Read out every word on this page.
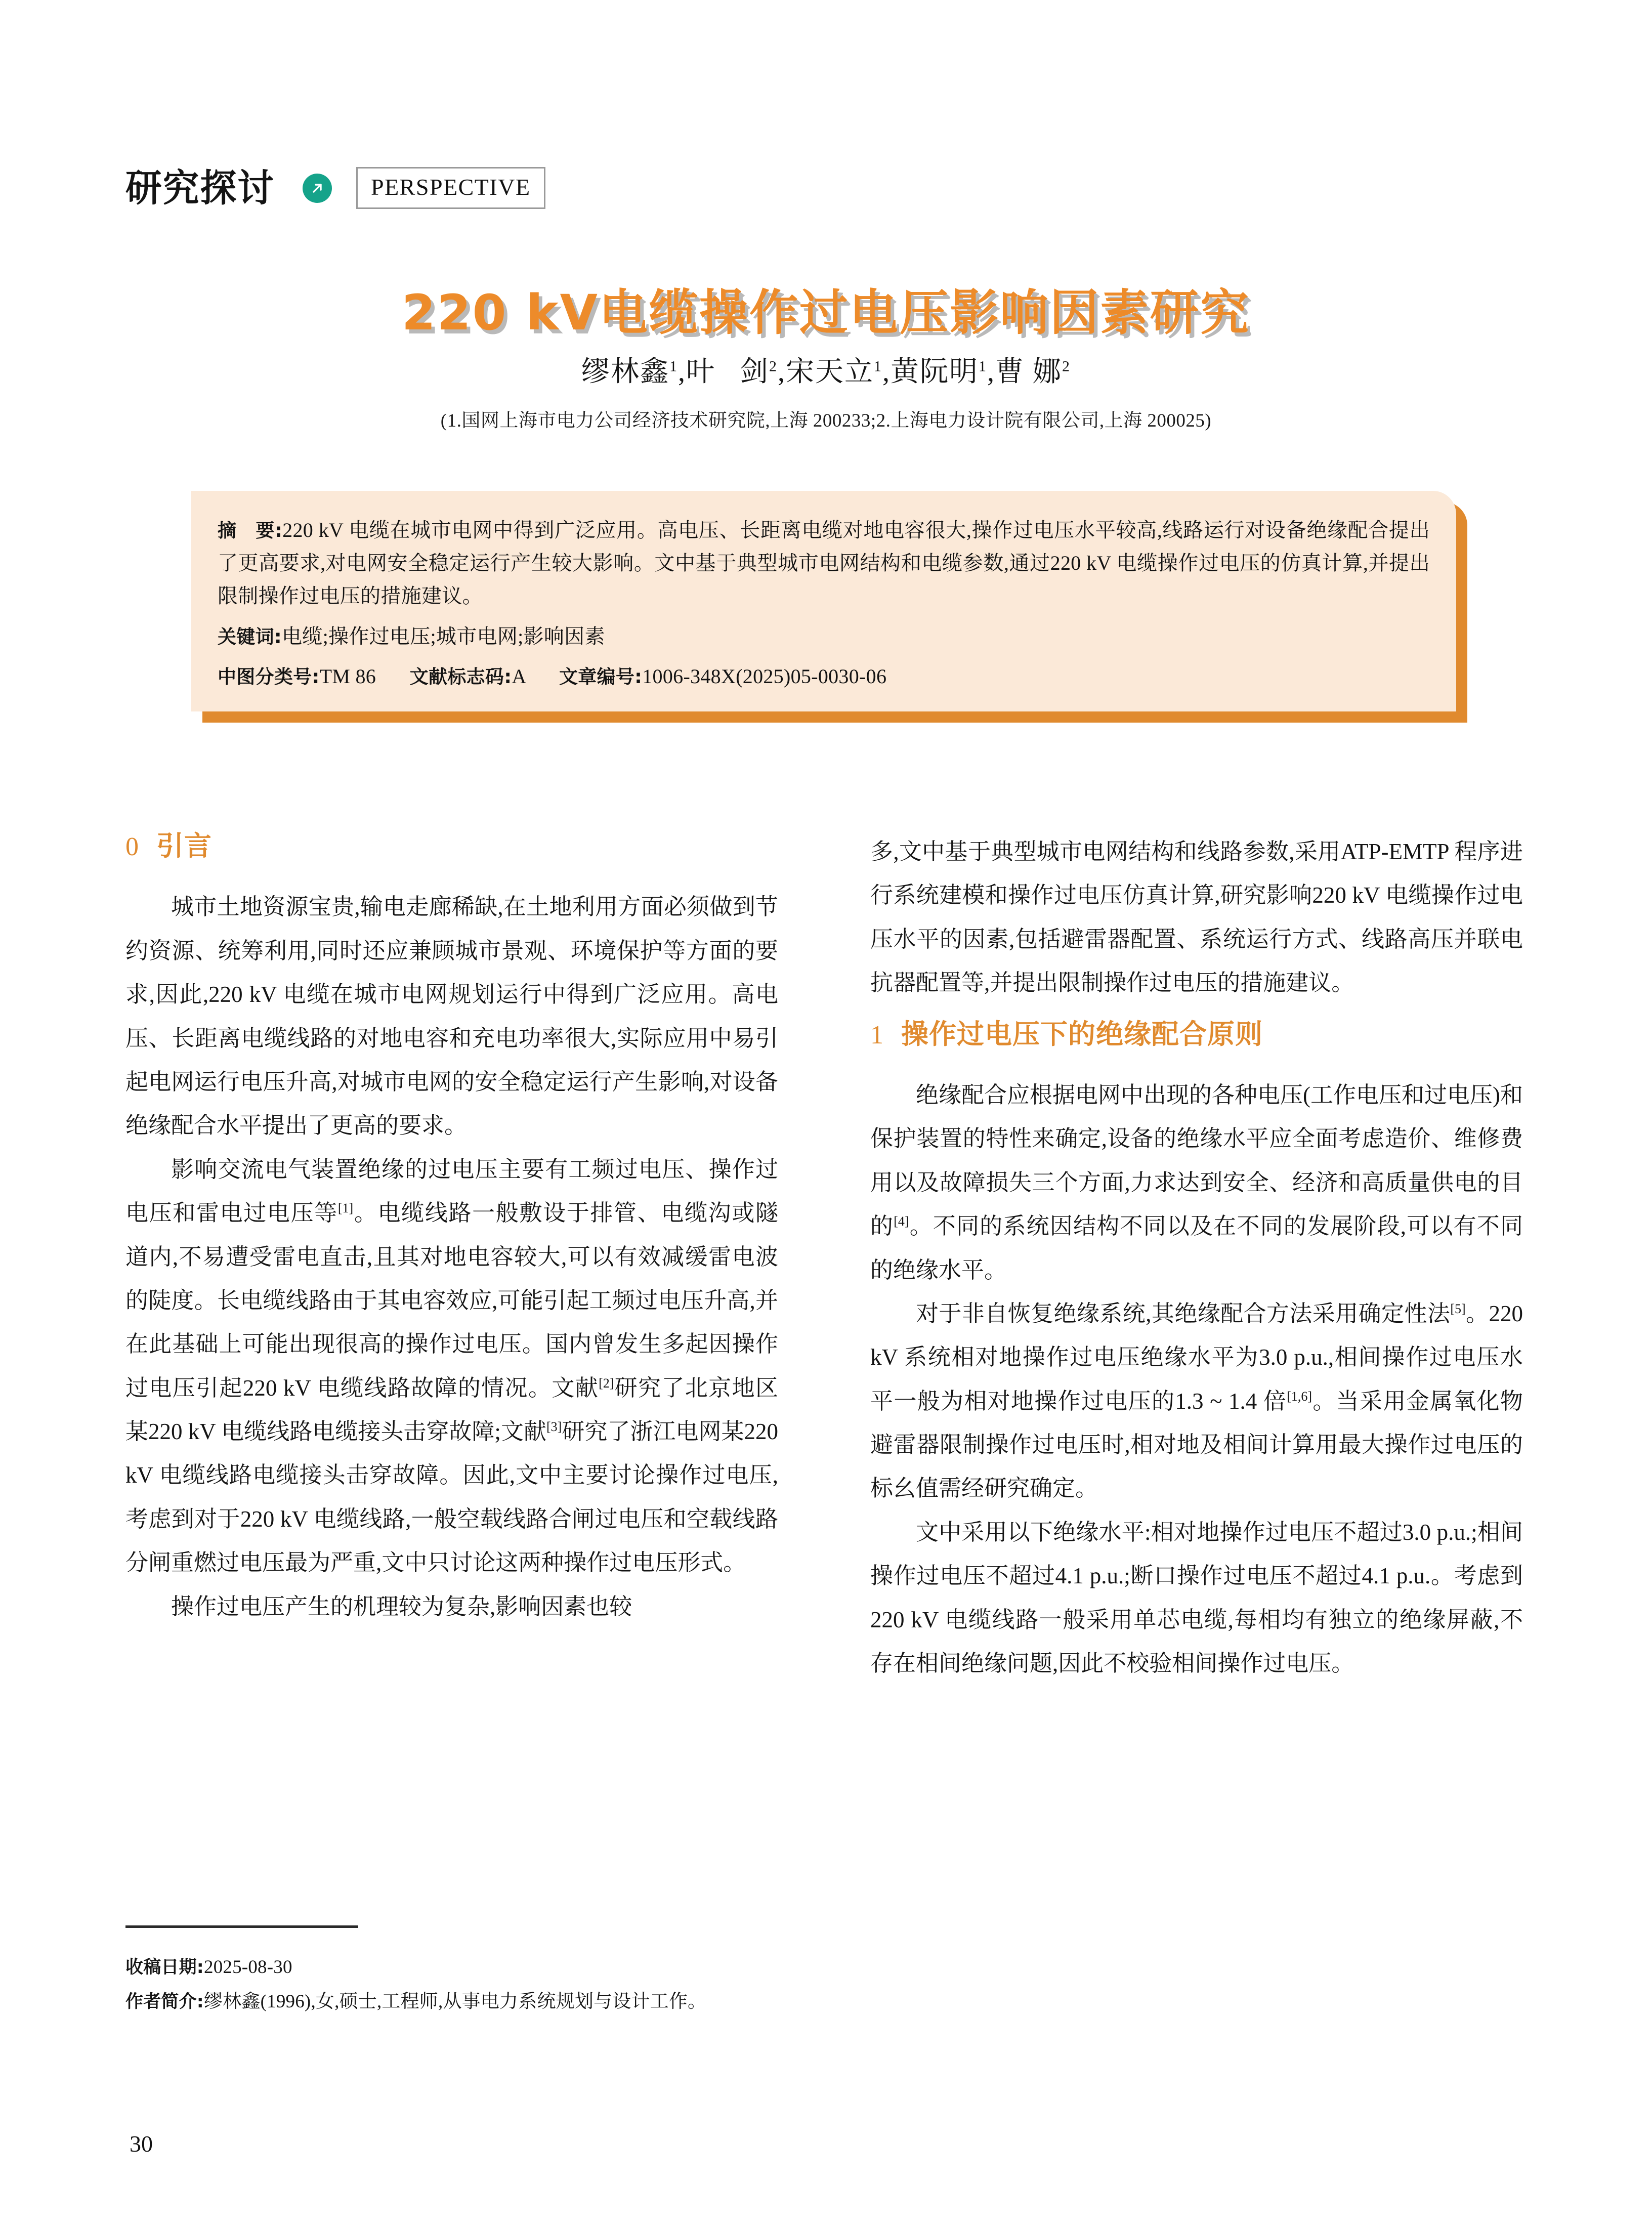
研究探讨	PERSPECTIVE
220 kV电缆操作过电压影响因素研究
缪林鑫$^1$,叶   剑$^2$,宋天立$^1$,黄阮明$^1$,曹 娜$^2$
(1.国网上海市电力公司经济技术研究院,上海 200233;2.上海电力设计院有限公司,上海 200025)
摘　要:220 kV 电缆在城市电网中得到广泛应用。高电压、长距离电缆对地电容很大,操作过电压水平较高,线路运行对设备绝缘配合提出了更高要求,对电网安全稳定运行产生较大影响。文中基于典型城市电网结构和电缆参数,通过220 kV 电缆操作过电压的仿真计算,并提出限制操作过电压的措施建议。
关键词:电缆;操作过电压;城市电网;影响因素
中图分类号:TM 86 文献标志码:A 文章编号:1006-348X(2025)05-0030-06
0 引言

城市土地资源宝贵,输电走廊稀缺,在土地利用方面必须做到节约资源、统筹利用,同时还应兼顾城市景观、环境保护等方面的要求,因此,220 kV 电缆在城市电网规划运行中得到广泛应用。高电压、长距离电缆线路的对地电容和充电功率很大,实际应用中易引起电网运行电压升高,对城市电网的安全稳定运行产生影响,对设备绝缘配合水平提出了更高的要求。

影响交流电气装置绝缘的过电压主要有工频过电压、操作过电压和雷电过电压等[1]。电缆线路一般敷设于排管、电缆沟或隧道内,不易遭受雷电直击,且其对地电容较大,可以有效减缓雷电波的陡度。长电缆线路由于其电容效应,可能引起工频过电压升高,并在此基础上可能出现很高的操作过电压。国内曾发生多起因操作过电压引起220 kV 电缆线路故障的情况。文献[2]研究了北京地区某220 kV 电缆线路电缆接头击穿故障;文献[3]研究了浙江电网某220 kV 电缆线路电缆接头击穿故障。因此,文中主要讨论操作过电压,考虑到对于220 kV 电缆线路,一般空载线路合闸过电压和空载线路分闸重燃过电压最为严重,文中只讨论这两种操作过电压形式。

操作过电压产生的机理较为复杂,影响因素也较

多,文中基于典型城市电网结构和线路参数,采用ATP-EMTP 程序进行系统建模和操作过电压仿真计算,研究影响220 kV 电缆操作过电压水平的因素,包括避雷器配置、系统运行方式、线路高压并联电抗器配置等,并提出限制操作过电压的措施建议。

1 操作过电压下的绝缘配合原则

绝缘配合应根据电网中出现的各种电压(工作电压和过电压)和保护装置的特性来确定,设备的绝缘水平应全面考虑造价、维修费用以及故障损失三个方面,力求达到安全、经济和高质量供电的目的[4]。不同的系统因结构不同以及在不同的发展阶段,可以有不同的绝缘水平。

对于非自恢复绝缘系统,其绝缘配合方法采用确定性法[5]。220 kV 系统相对地操作过电压绝缘水平为3.0 p.u.,相间操作过电压水平一般为相对地操作过电压的1.3 ~ 1.4 倍[1,6]。当采用金属氧化物避雷器限制操作过电压时,相对地及相间计算用最大操作过电压的标幺值需经研究确定。

文中采用以下绝缘水平:相对地操作过电压不超过3.0 p.u.;相间操作过电压不超过4.1 p.u.;断口操作过电压不超过4.1 p.u.。考虑到220 kV 电缆线路一般采用单芯电缆,每相均有独立的绝缘屏蔽,不存在相间绝缘问题,因此不校验相间操作过电压。

收稿日期:2025-08-30
作者简介:缪林鑫(1996),女,硕士,工程师,从事电力系统规划与设计工作。
30
